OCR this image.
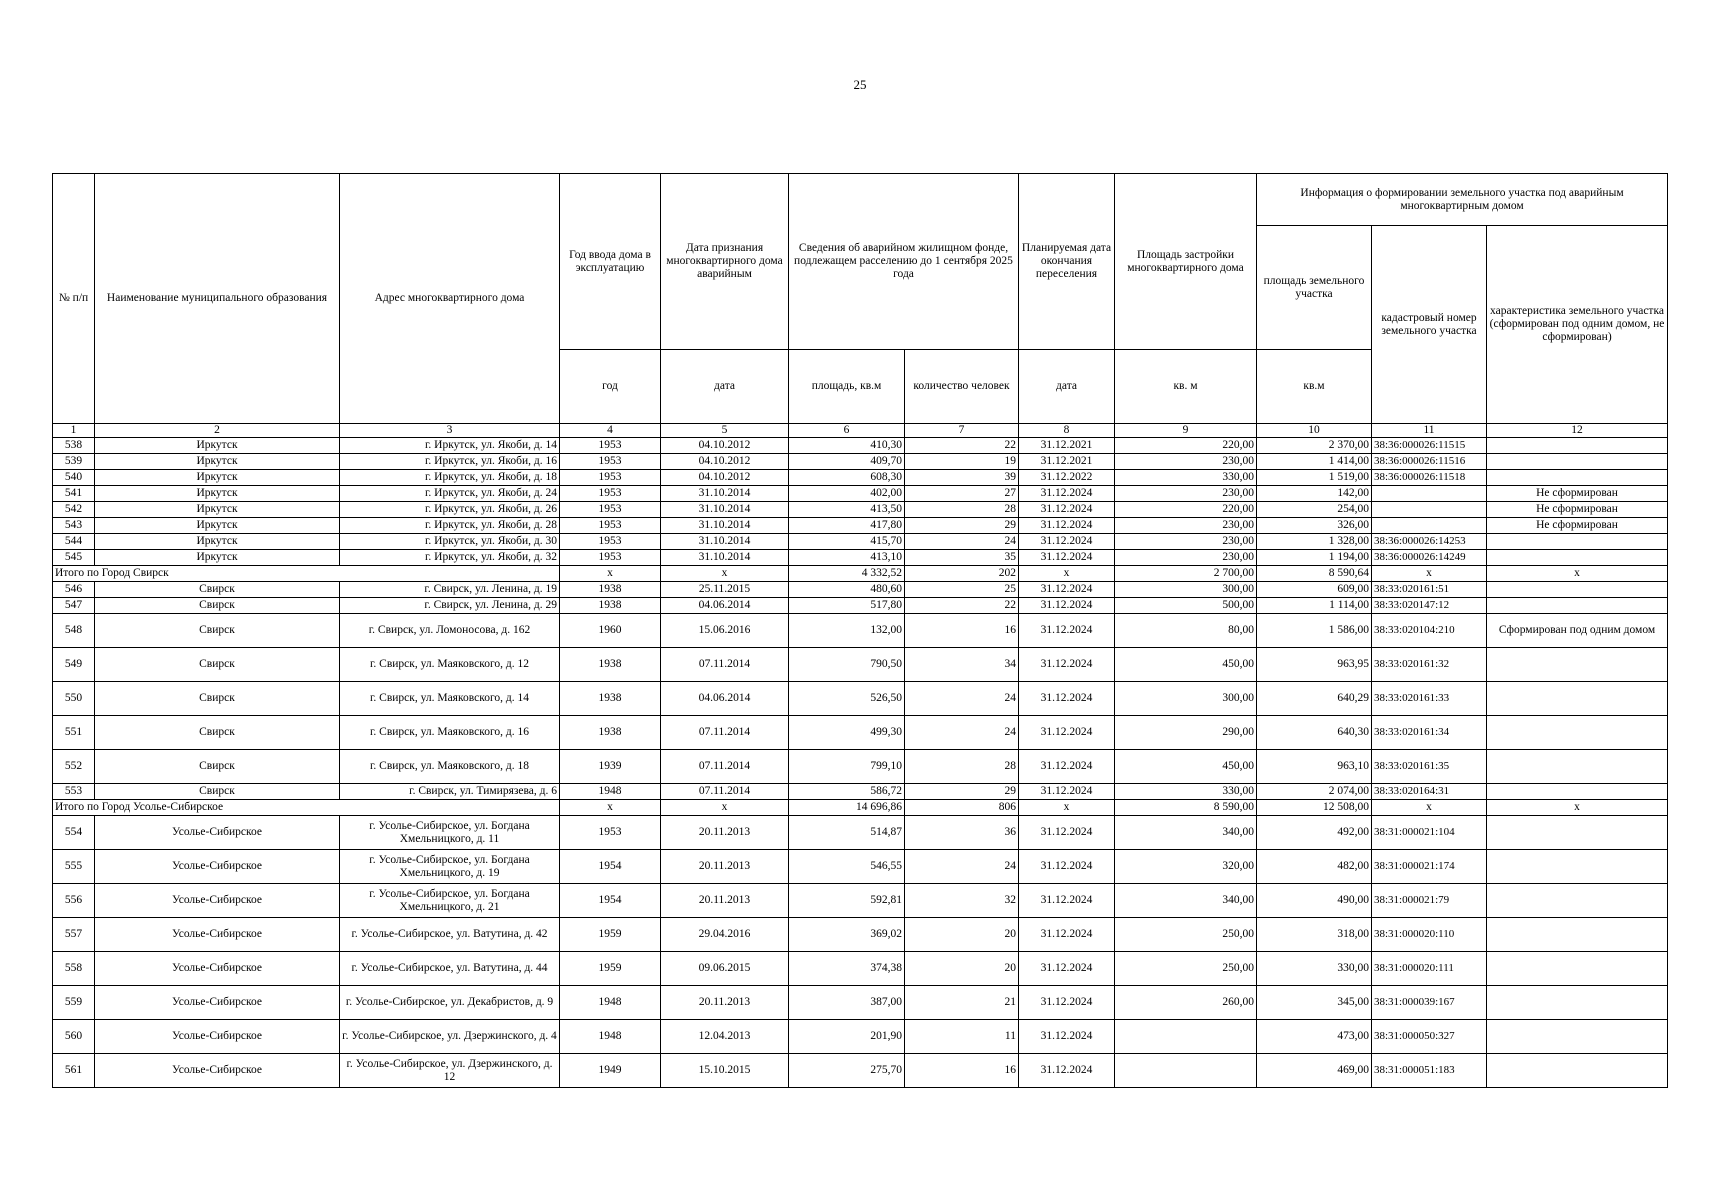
25
№ п/п	Наименование муниципального образования	Адрес многоквартирного дома	Год ввода дома в эксплуатацию	Дата признания многоквартирного дома аварийным	Сведения об аварийном жилищном фонде, подлежащем расселению до 1 сентября 2025 года		Планируемая дата окончания переселения	Площадь застройки многоквартирного дома	Информация о формировании земельного участка под аварийным многоквартирным домом		
									площадь земельного участка	кадастровый номер земельного участка	характеристика земельного участка (сформирован под одним домом, не сформирован)
			год	дата	площадь, кв.м	количество человек	дата	кв. м	кв.м		
1	2	3	4	5	6	7	8	9	10	11	12
538	Иркутск	г. Иркутск, ул. Якоби, д. 14	1953	04.10.2012	410,30	22	31.12.2021	220,00	2 370,00	38:36:000026:11515	
539	Иркутск	г. Иркутск, ул. Якоби, д. 16	1953	04.10.2012	409,70	19	31.12.2021	230,00	1 414,00	38:36:000026:11516	
540	Иркутск	г. Иркутск, ул. Якоби, д. 18	1953	04.10.2012	608,30	39	31.12.2022	330,00	1 519,00	38:36:000026:11518	
541	Иркутск	г. Иркутск, ул. Якоби, д. 24	1953	31.10.2014	402,00	27	31.12.2024	230,00	142,00		Не сформирован
542	Иркутск	г. Иркутск, ул. Якоби, д. 26	1953	31.10.2014	413,50	28	31.12.2024	220,00	254,00		Не сформирован
543	Иркутск	г. Иркутск, ул. Якоби, д. 28	1953	31.10.2014	417,80	29	31.12.2024	230,00	326,00		Не сформирован
544	Иркутск	г. Иркутск, ул. Якоби, д. 30	1953	31.10.2014	415,70	24	31.12.2024	230,00	1 328,00	38:36:000026:14253	
545	Иркутск	г. Иркутск, ул. Якоби, д. 32	1953	31.10.2014	413,10	35	31.12.2024	230,00	1 194,00	38:36:000026:14249	
Итого по Город Свирск			x	x	4 332,52	202	x	2 700,00	8 590,64	x	x
546	Свирск	г. Свирск, ул. Ленина, д. 19	1938	25.11.2015	480,60	25	31.12.2024	300,00	609,00	38:33:020161:51	
547	Свирск	г. Свирск, ул. Ленина, д. 29	1938	04.06.2014	517,80	22	31.12.2024	500,00	1 114,00	38:33:020147:12	
548	Свирск	г. Свирск, ул. Ломоносова, д. 162	1960	15.06.2016	132,00	16	31.12.2024	80,00	1 586,00	38:33:020104:210	Сформирован под одним домом
549	Свирск	г. Свирск, ул. Маяковского, д. 12	1938	07.11.2014	790,50	34	31.12.2024	450,00	963,95	38:33:020161:32	
550	Свирск	г. Свирск, ул. Маяковского, д. 14	1938	04.06.2014	526,50	24	31.12.2024	300,00	640,29	38:33:020161:33	
551	Свирск	г. Свирск, ул. Маяковского, д. 16	1938	07.11.2014	499,30	24	31.12.2024	290,00	640,30	38:33:020161:34	
552	Свирск	г. Свирск, ул. Маяковского, д. 18	1939	07.11.2014	799,10	28	31.12.2024	450,00	963,10	38:33:020161:35	
553	Свирск	г. Свирск, ул. Тимирязева, д. 6	1948	07.11.2014	586,72	29	31.12.2024	330,00	2 074,00	38:33:020164:31	
Итого по Город Усолье-Сибирское			x	x	14 696,86	806	x	8 590,00	12 508,00	x	x
554	Усолье-Сибирское	г. Усолье-Сибирское, ул. Богдана Хмельницкого, д. 11	1953	20.11.2013	514,87	36	31.12.2024	340,00	492,00	38:31:000021:104	
555	Усолье-Сибирское	г. Усолье-Сибирское, ул. Богдана Хмельницкого, д. 19	1954	20.11.2013	546,55	24	31.12.2024	320,00	482,00	38:31:000021:174	
556	Усолье-Сибирское	г. Усолье-Сибирское, ул. Богдана Хмельницкого, д. 21	1954	20.11.2013	592,81	32	31.12.2024	340,00	490,00	38:31:000021:79	
557	Усолье-Сибирское	г. Усолье-Сибирское, ул. Ватутина, д. 42	1959	29.04.2016	369,02	20	31.12.2024	250,00	318,00	38:31:000020:110	
558	Усолье-Сибирское	г. Усолье-Сибирское, ул. Ватутина, д. 44	1959	09.06.2015	374,38	20	31.12.2024	250,00	330,00	38:31:000020:111	
559	Усолье-Сибирское	г. Усолье-Сибирское, ул. Декабристов, д. 9	1948	20.11.2013	387,00	21	31.12.2024	260,00	345,00	38:31:000039:167	
560	Усолье-Сибирское	г. Усолье-Сибирское, ул. Дзержинского, д. 4	1948	12.04.2013	201,90	11	31.12.2024		473,00	38:31:000050:327	
561	Усолье-Сибирское	г. Усолье-Сибирское, ул. Дзержинского, д. 12	1949	15.10.2015	275,70	16	31.12.2024		469,00	38:31:000051:183	
